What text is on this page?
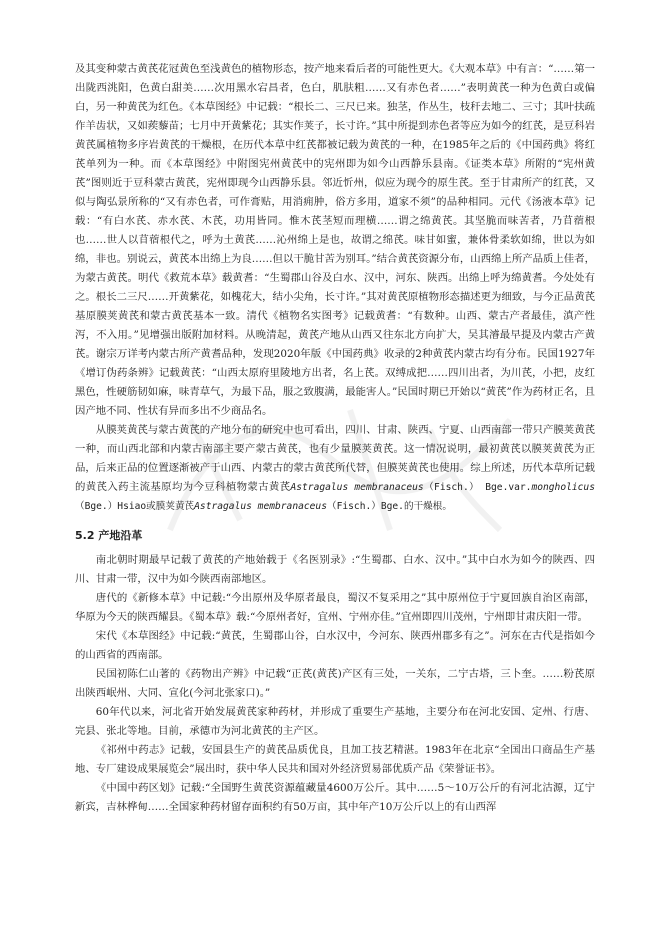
及其变种蒙古黄芪花冠黄色至浅黄色的植物形态，按产地来看后者的可能性更大。《大观本草》中有言：“……第一出陇西洮阳，色黄白甜美……次用黑水宕昌者，色白，肌肤粗……又有赤色者……”表明黄芪一种为色黄白或偏白，另一种黄芪为红色。《本草图经》中记载：“根长二、三尺已来。独茎，作丛生，枝秆去地二、三寸；其叶扶疏作羊齿状，又如蒺藜苗；七月中开黄紫花；其实作荚子，长寸许。”其中所提到赤色者等应为如今的红芪，是豆科岩黄芪属植物多序岩黄芪的干燥根，在历代本草中红芪都被记载为黄芪的一种，在1985年之后的《中国药典》将红芪单列为一种。而《本草图经》中附图宪州黄芪中的宪州即为如今山西静乐县南。《证类本草》所附的“宪州黄芪”图则近于豆科蒙古黄芪，宪州即现今山西静乐县。邻近忻州，似应为现今的原生芪。至于甘肃所产的红芪，又似与陶弘景所称的“又有赤色者，可作膏贴，用消痈肿，俗方多用，道家不须”的品种相同。元代《汤液本草》记载：“有白水芪、赤水芪、木芪，功用皆同。惟木芪茎短而理横……谓之绵黄芪。其坚脆而味苦者，乃苜蓿根也……世人以苜蓿根代之，呼为土黄芪……沁州绵上是也，故谓之绵芪。味甘如蜜，兼体骨柔软如绵，世以为如绵，非也。别说云，黄芪本出绵上为良……但以干脆甘苦为别耳。”结合黄芪资源分布，山西绵上所产品质上佳者，为蒙古黄芪。明代《救荒本草》载黄耆：“生蜀郡山谷及白水、汉中，河东、陕西。出绵上呼为绵黄耆。今处处有之。根长二三尺……开黄紫花，如槐花大，结小尖角，长寸许。”其对黄芪原植物形态描述更为细致，与今正品黄芪基原膜荚黄芪和蒙古黄芪基本一致。清代《植物名实图考》记载黄耆：“有数种。山西、蒙古产者最佳，滇产性泻，不入用。”见增强出版附加材料。从晚清起，黄芪产地从山西又往东北方向扩大，吴其濬最早提及内蒙古产黄芪。谢宗万详考内蒙古所产黄耆品种，发现2020年版《中国药典》收录的2种黄芪内蒙古均有分布。民国1927年《增订伪药条辨》记载黄芪：“山西太原府里陵地方出者，名上芪。双缚成把……四川出者，为川芪，小把，皮红黑色，性硬筋韧如麻，味青草气，为最下品，服之致腹满，最能害人。”民国时期已开始以“黄芪”作为药材正名，且因产地不同、性状有异而多出不少商品名。

从膜荚黄芪与蒙古黄芪的产地分布的研究中也可看出，四川、甘肃、陕西、宁夏、山西南部一带只产膜荚黄芪一种，而山西北部和内蒙古南部主要产蒙古黄芪，也有少量膜荚黄芪。这一情况说明，最初黄芪以膜荚黄芪为正品，后来正品的位置逐渐被产于山西、内蒙古的蒙古黄芪所代替，但膜荚黄芪也使用。综上所述，历代本草所记载的黄芪入药主流基原均为今豆科植物蒙古黄芪Astragalus membranaceus（Fisch.） Bge.var.mongholicus（Bge.）Hsiao或膜荚黄芪Astragalus membranaceus（Fisch.）Bge.的干燥根。

5.2 产地沿革

南北朝时期最早记载了黄芪的产地始载于《名医别录》:“生蜀郡、白水、汉中。”其中白水为如今的陕西、四川、甘肃一带，汉中为如今陕西南部地区。

唐代的《新修本草》中记载:“今出原州及华原者最良，蜀汉不复采用之”其中原州位于宁夏回族自治区南部，华原为今天的陕西耀县。《蜀本草》载:“今原州者好，宜州、宁州亦佳。”宜州即四川茂州，宁州即甘肃庆阳一带。

宋代《本草图经》中记载:“黄芪，生蜀郡山谷，白水汉中，今河东、陕西州郡多有之”。河东在古代是指如今的山西省的西南部。

民国初陈仁山著的《药物出产辨》中记载“正芪(黄芪)产区有三处，一关东，二宁古塔，三卜奎。……粉芪原出陕西岷州、大同、宣化(今河北张家口)。”

60年代以来，河北省开始发展黄芪家种药材，并形成了重要生产基地，主要分布在河北安国、定州、行唐、完县、张北等地。目前，承德市为河北黄芪的主产区。

《祁州中药志》记载，安国县生产的黄芪品质优良，且加工技艺精湛。1983年在北京“全国出口商品生产基地、专厂建设成果展览会”展出时，获中华人民共和国对外经济贸易部优质产品《荣誉证书》。

《中国中药区划》记载:“全国野生黄芪资源蕴藏量4600万公斤。其中……5～10万公斤的有河北沽源，辽宁新宾，吉林桦甸……全国家种药材留存面积约有50万亩，其中年产10万公斤以上的有山西浑
